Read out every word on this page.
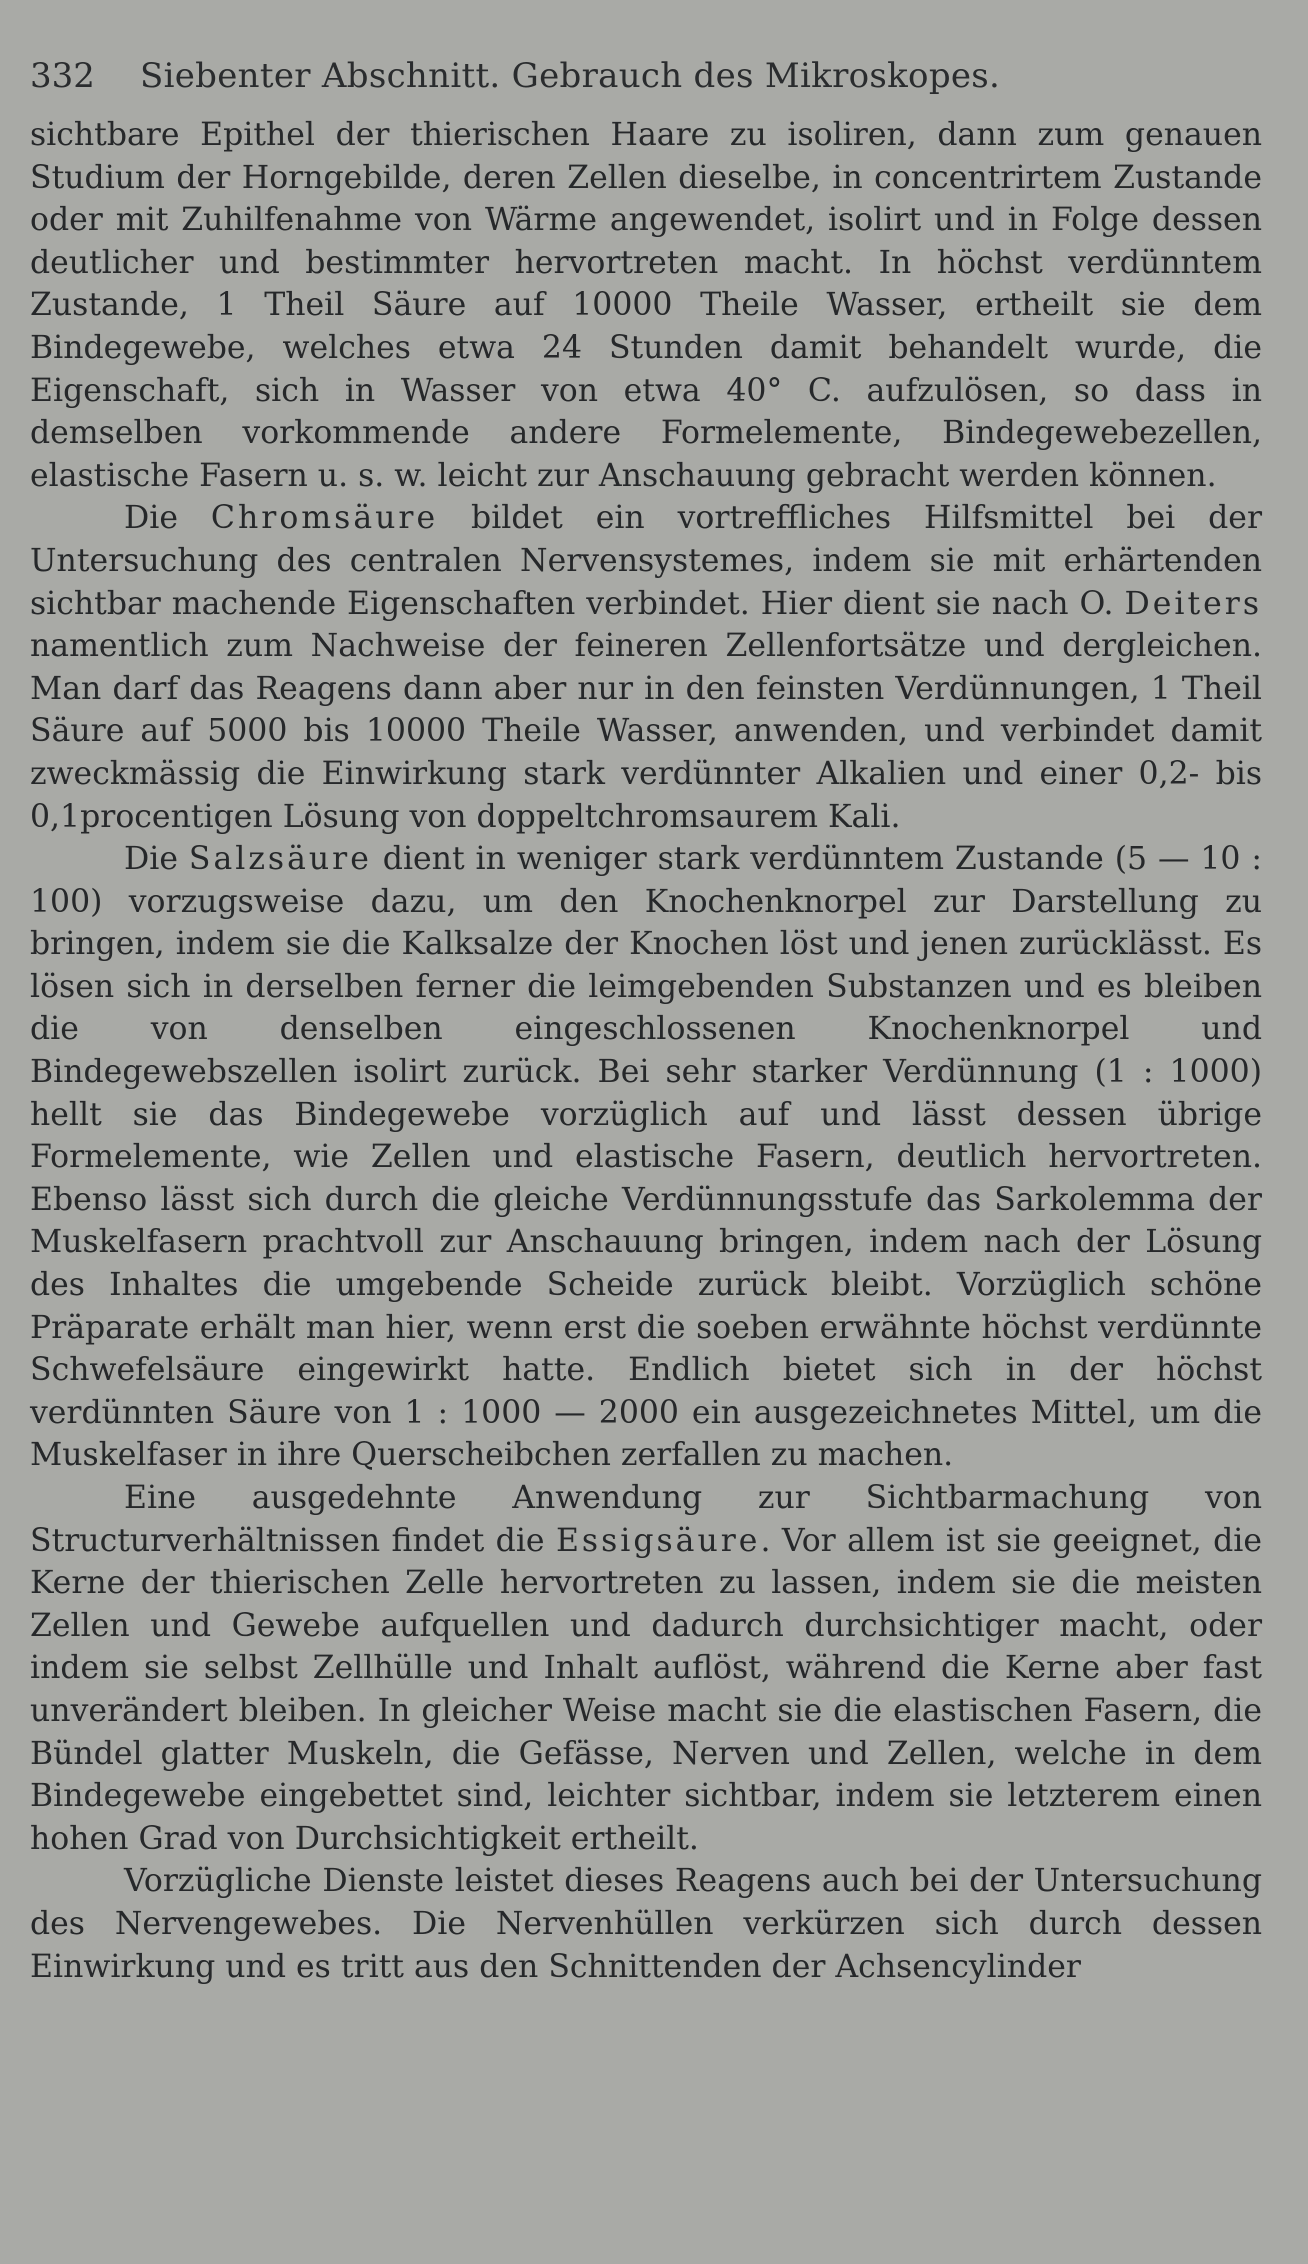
332 Siebenter Abschnitt. Gebrauch des Mikroskopes.

sichtbare Epithel der thierischen Haare zu isoliren, dann zum genauen Studium der Horngebilde, deren Zellen dieselbe, in concentrirtem Zustande oder mit Zuhilfenahme von Wärme angewendet, isolirt und in Folge dessen deutlicher und bestimmter hervortreten macht. In höchst verdünntem Zustande, 1 Theil Säure auf 10000 Theile Wasser, ertheilt sie dem Bindegewebe, welches etwa 24 Stunden damit behandelt wurde, die Eigenschaft, sich in Wasser von etwa 40° C. aufzulösen, so dass in demselben vorkommende andere Formelemente, Bindegewebezellen, elastische Fasern u. s. w. leicht zur Anschauung gebracht werden können.

Die Chromsäure bildet ein vortreffliches Hilfsmittel bei der Untersuchung des centralen Nervensystemes, indem sie mit erhärtenden sichtbar machende Eigenschaften verbindet. Hier dient sie nach O. Deiters namentlich zum Nachweise der feineren Zellenfortsätze und dergleichen. Man darf das Reagens dann aber nur in den feinsten Verdünnungen, 1 Theil Säure auf 5000 bis 10000 Theile Wasser, anwenden, und verbindet damit zweckmässig die Einwirkung stark verdünnter Alkalien und einer 0,2- bis 0,1procentigen Lösung von doppeltchromsaurem Kali.

Die Salzsäure dient in weniger stark verdünntem Zustande (5 — 10 : 100) vorzugsweise dazu, um den Knochenknorpel zur Darstellung zu bringen, indem sie die Kalksalze der Knochen löst und jenen zurücklässt. Es lösen sich in derselben ferner die leimgebenden Substanzen und es bleiben die von denselben eingeschlossenen Knochenknorpel und Bindegewebszellen isolirt zurück. Bei sehr starker Verdünnung (1 : 1000) hellt sie das Bindegewebe vorzüglich auf und lässt dessen übrige Formelemente, wie Zellen und elastische Fasern, deutlich hervortreten. Ebenso lässt sich durch die gleiche Verdünnungsstufe das Sarkolemma der Muskelfasern prachtvoll zur Anschauung bringen, indem nach der Lösung des Inhaltes die umgebende Scheide zurück bleibt. Vorzüglich schöne Präparate erhält man hier, wenn erst die soeben erwähnte höchst verdünnte Schwefelsäure eingewirkt hatte. Endlich bietet sich in der höchst verdünnten Säure von 1 : 1000 — 2000 ein ausgezeichnetes Mittel, um die Muskelfaser in ihre Querscheibchen zerfallen zu machen.

Eine ausgedehnte Anwendung zur Sichtbarmachung von Structurverhältnissen findet die Essigsäure. Vor allem ist sie geeignet, die Kerne der thierischen Zelle hervortreten zu lassen, indem sie die meisten Zellen und Gewebe aufquellen und dadurch durchsichtiger macht, oder indem sie selbst Zellhülle und Inhalt auflöst, während die Kerne aber fast unverändert bleiben. In gleicher Weise macht sie die elastischen Fasern, die Bündel glatter Muskeln, die Gefässe, Nerven und Zellen, welche in dem Bindegewebe eingebettet sind, leichter sichtbar, indem sie letzterem einen hohen Grad von Durchsichtigkeit ertheilt.

Vorzügliche Dienste leistet dieses Reagens auch bei der Untersuchung des Nervengewebes. Die Nervenhüllen verkürzen sich durch dessen Einwirkung und es tritt aus den Schnittenden der Achsencylinder
